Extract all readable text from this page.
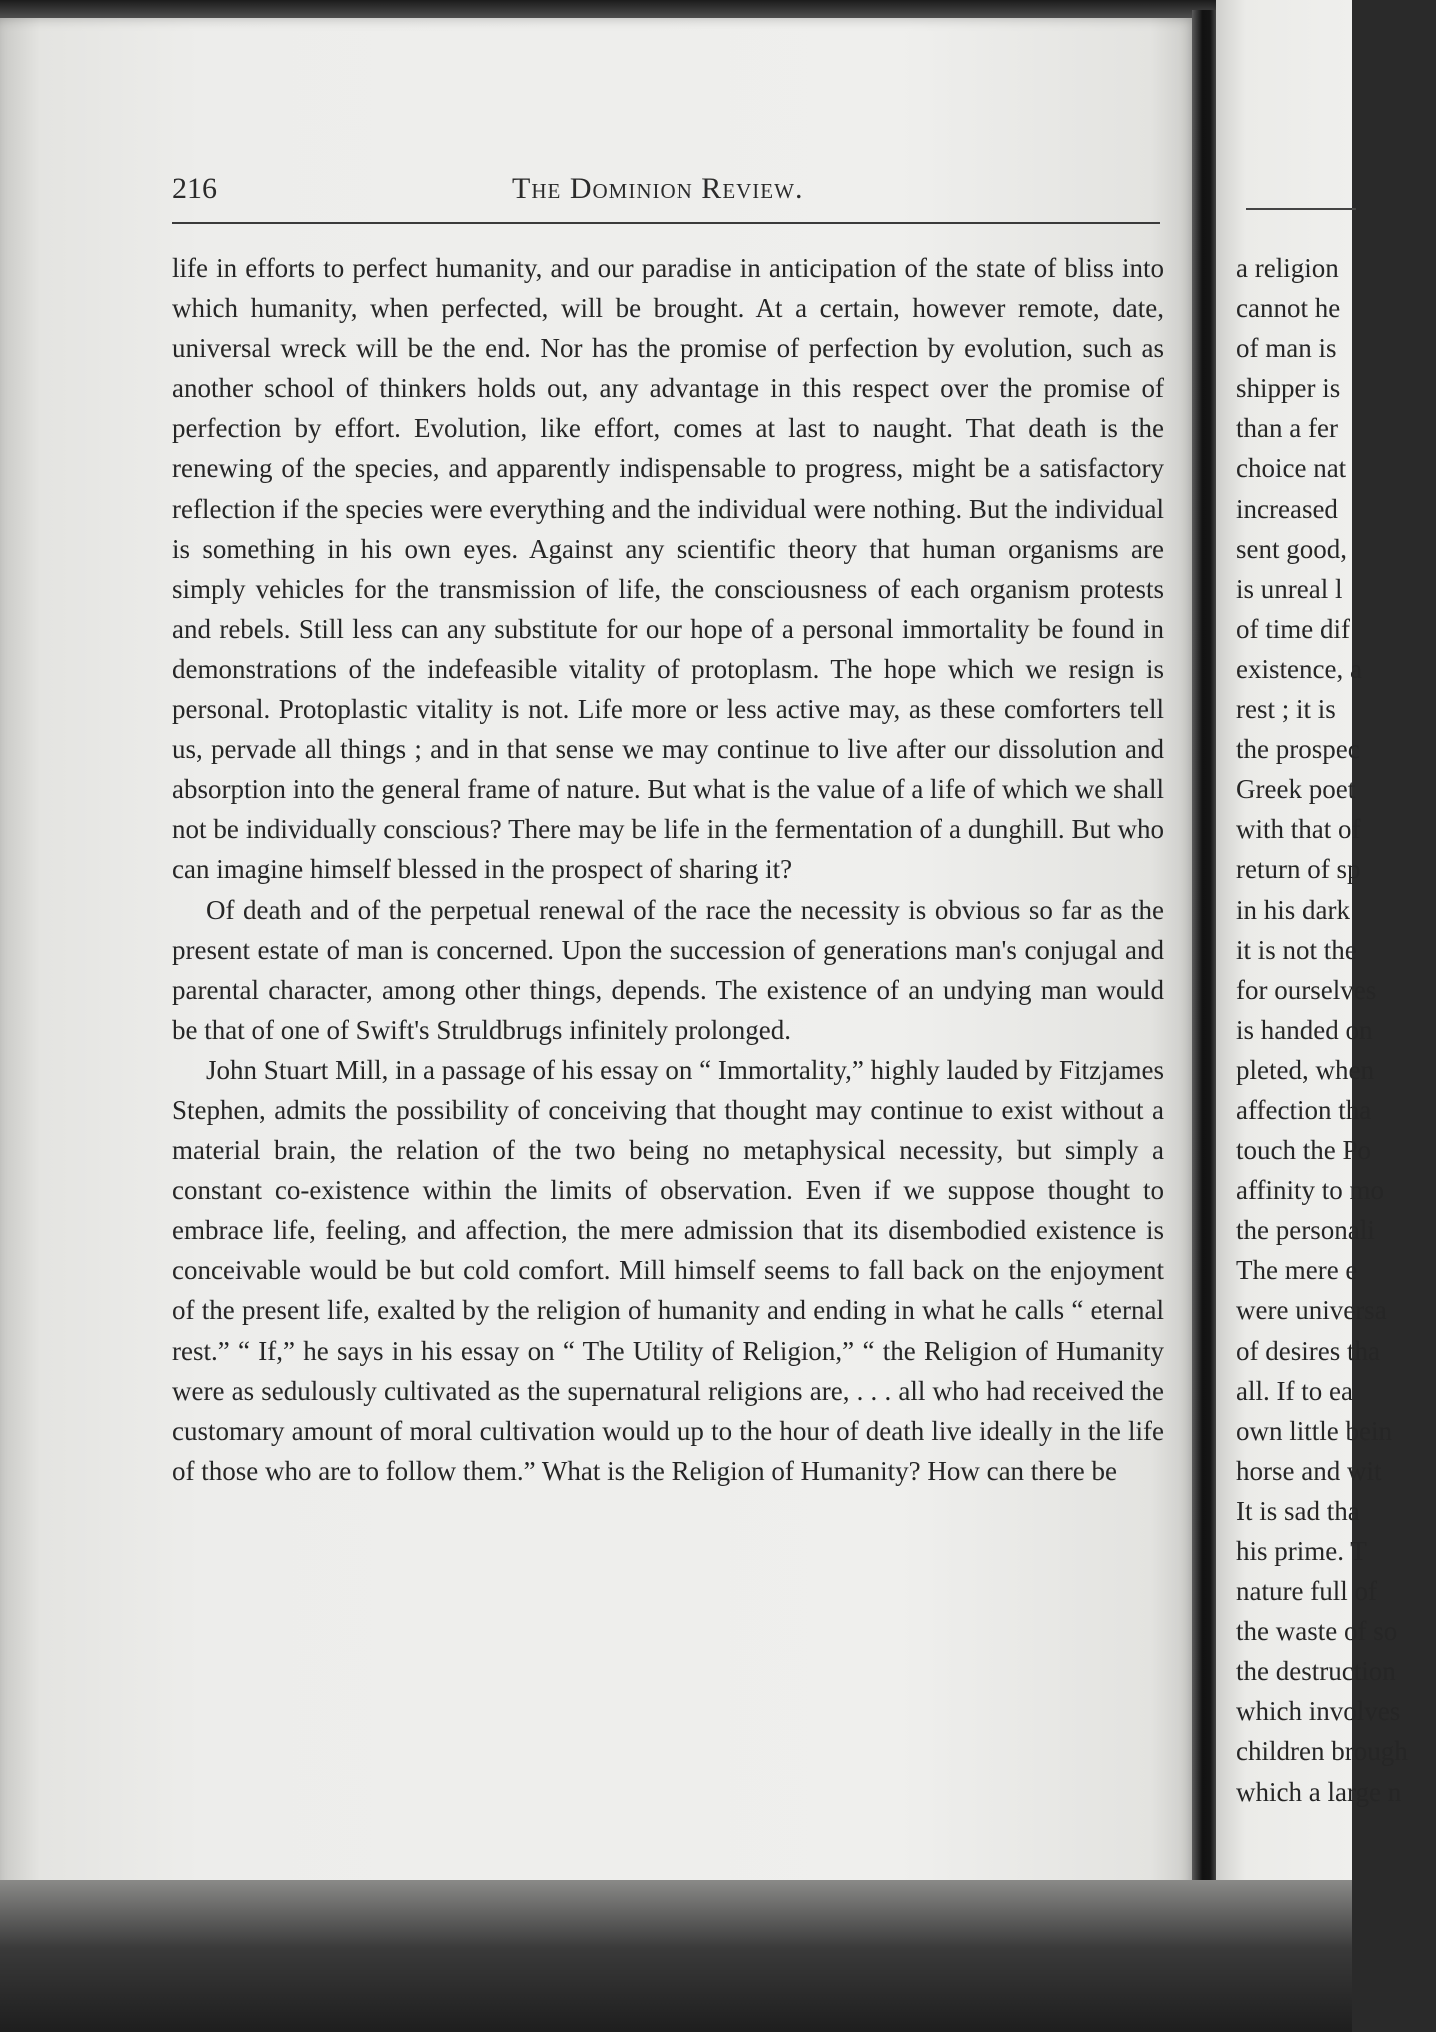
216	The Dominion Review.

life in efforts to perfect humanity, and our paradise in anticipation of the state of bliss into which humanity, when perfected, will be brought. At a certain, however remote, date, universal wreck will be the end. Nor has the promise of perfection by evolution, such as another school of thinkers holds out, any advantage in this respect over the promise of perfection by effort. Evolution, like effort, comes at last to naught. That death is the renewing of the species, and apparently indispensable to progress, might be a satisfactory reflection if the species were everything and the individual were nothing. But the individual is something in his own eyes. Against any scientific theory that human organisms are simply vehicles for the transmission of life, the consciousness of each organism protests and rebels. Still less can any substitute for our hope of a personal immortality be found in demonstrations of the indefeasible vitality of protoplasm. The hope which we resign is personal. Protoplastic vitality is not. Life more or less active may, as these comforters tell us, pervade all things ; and in that sense we may continue to live after our dissolution and absorption into the general frame of nature. But what is the value of a life of which we shall not be individually conscious? There may be life in the fermentation of a dunghill. But who can imagine himself blessed in the prospect of sharing it?

Of death and of the perpetual renewal of the race the necessity is obvious so far as the present estate of man is concerned. Upon the succession of generations man's conjugal and parental character, among other things, depends. The existence of an undying man would be that of one of Swift's Struldbrugs infinitely prolonged.

John Stuart Mill, in a passage of his essay on “ Immortality,” highly lauded by Fitzjames Stephen, admits the possibility of conceiving that thought may continue to exist without a material brain, the relation of the two being no metaphysical necessity, but simply a constant co-existence within the limits of observation. Even if we suppose thought to embrace life, feeling, and affection, the mere admission that its disembodied existence is conceivable would be but cold comfort. Mill himself seems to fall back on the enjoyment of the present life, exalted by the religion of humanity and ending in what he calls “ eternal rest.” “ If,” he says in his essay on “ The Utility of Religion,” “ the Religion of Humanity were as sedulously cultivated as the supernatural religions are, . . . all who had received the customary amount of moral cultivation would up to the hour of death live ideally in the life of those who are to follow them.” What is the Religion of Humanity? How can there be

a religion
cannot he
of man is
shipper is
than a fer
choice nat
increased
sent good,
is unreal l
of time dif
existence, a
rest ; it is
the prospec
Greek poet
with that of
return of sp
in his dark
it is not the
for ourselves
is handed on
pleted, when
affection tha
touch the Po
affinity to mo
the personali
The mere e
were universa
of desires tha
all. If to ea
own little bein
horse and wit
It is sad tha
his prime. T
nature full of
the waste of so
the destruction
which involves
children brough
which a large n
